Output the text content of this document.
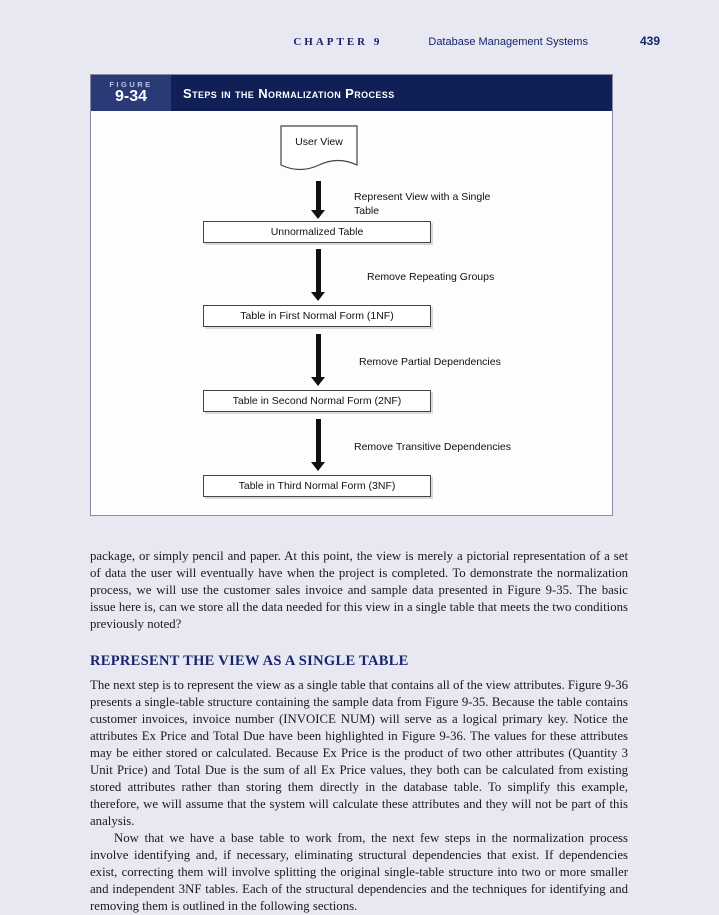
CHAPTER 9	Database Management Systems	439
FIGURE
9-34	Steps in the Normalization Process
User View
Represent View with a Single Table
Unnormalized Table
Remove Repeating Groups
Table in First Normal Form (1NF)
Remove Partial Dependencies
Table in Second Normal Form (2NF)
Remove Transitive Dependencies
Table in Third Normal Form (3NF)

package, or simply pencil and paper. At this point, the view is merely a pictorial representation of a set of data the user will eventually have when the project is completed. To demonstrate the normalization process, we will use the customer sales invoice and sample data presented in Figure 9-35. The basic issue here is, can we store all the data needed for this view in a single table that meets the two conditions previously noted?

REPRESENT THE VIEW AS A SINGLE TABLE

The next step is to represent the view as a single table that contains all of the view attributes. Figure 9-36 presents a single-table structure containing the sample data from Figure 9-35. Because the table contains customer invoices, invoice number (INVOICE NUM) will serve as a logical primary key. Notice the attributes Ex Price and Total Due have been highlighted in Figure 9-36. The values for these attributes may be either stored or calculated. Because Ex Price is the product of two other attributes (Quantity 3 Unit Price) and Total Due is the sum of all Ex Price values, they both can be calculated from existing stored attributes rather than storing them directly in the database table. To simplify this example, therefore, we will assume that the system will calculate these attributes and they will not be part of this analysis.

Now that we have a base table to work from, the next few steps in the normalization process involve identifying and, if necessary, eliminating structural dependencies that exist. If dependencies exist, correcting them will involve splitting the original single-table structure into two or more smaller and independent 3NF tables. Each of the structural dependencies and the techniques for identifying and removing them is outlined in the following sections.
